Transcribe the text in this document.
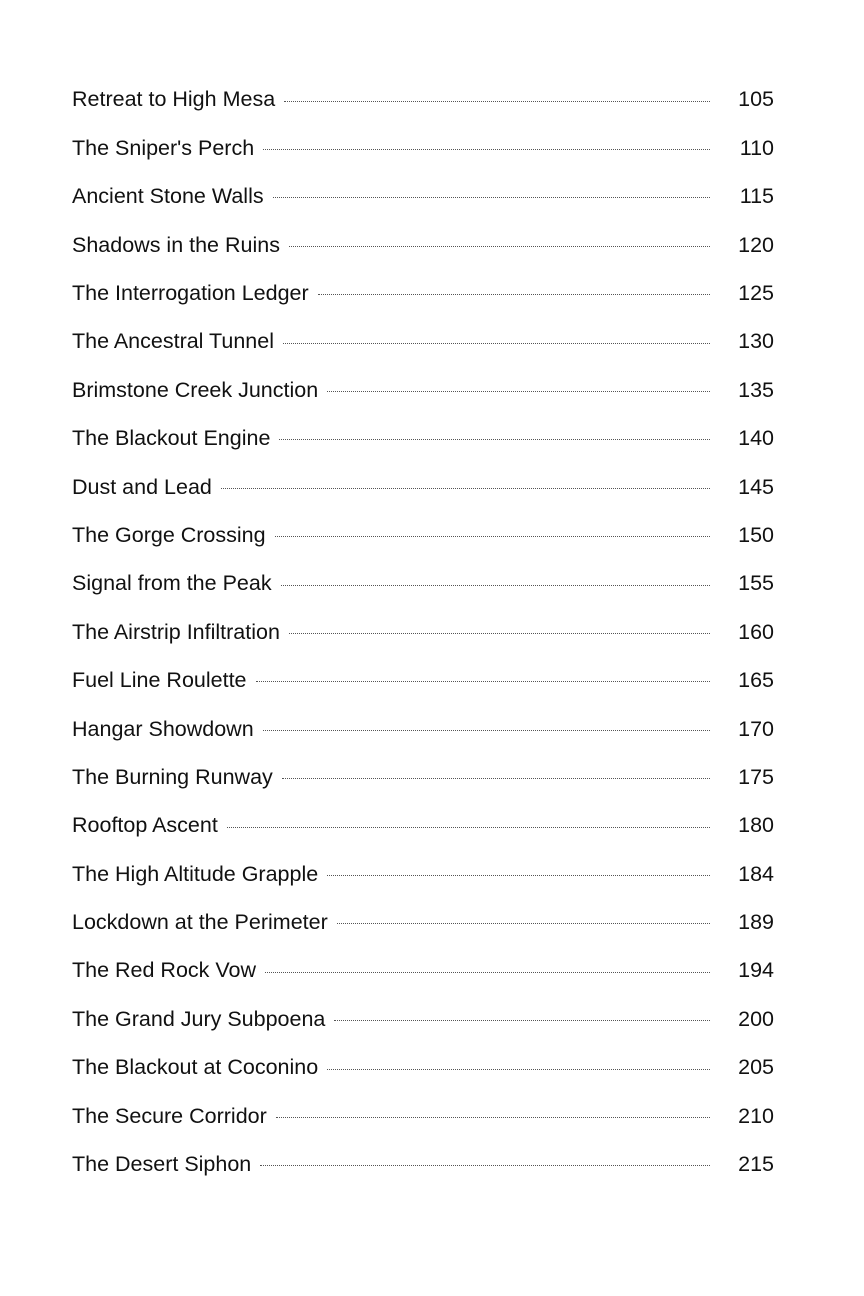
Retreat to High Mesa	105
The Sniper's Perch	110
Ancient Stone Walls	115
Shadows in the Ruins	120
The Interrogation Ledger	125
The Ancestral Tunnel	130
Brimstone Creek Junction	135
The Blackout Engine	140
Dust and Lead	145
The Gorge Crossing	150
Signal from the Peak	155
The Airstrip Infiltration	160
Fuel Line Roulette	165
Hangar Showdown	170
The Burning Runway	175
Rooftop Ascent	180
The High Altitude Grapple	184
Lockdown at the Perimeter	189
The Red Rock Vow	194
The Grand Jury Subpoena	200
The Blackout at Coconino	205
The Secure Corridor	210
The Desert Siphon	215
